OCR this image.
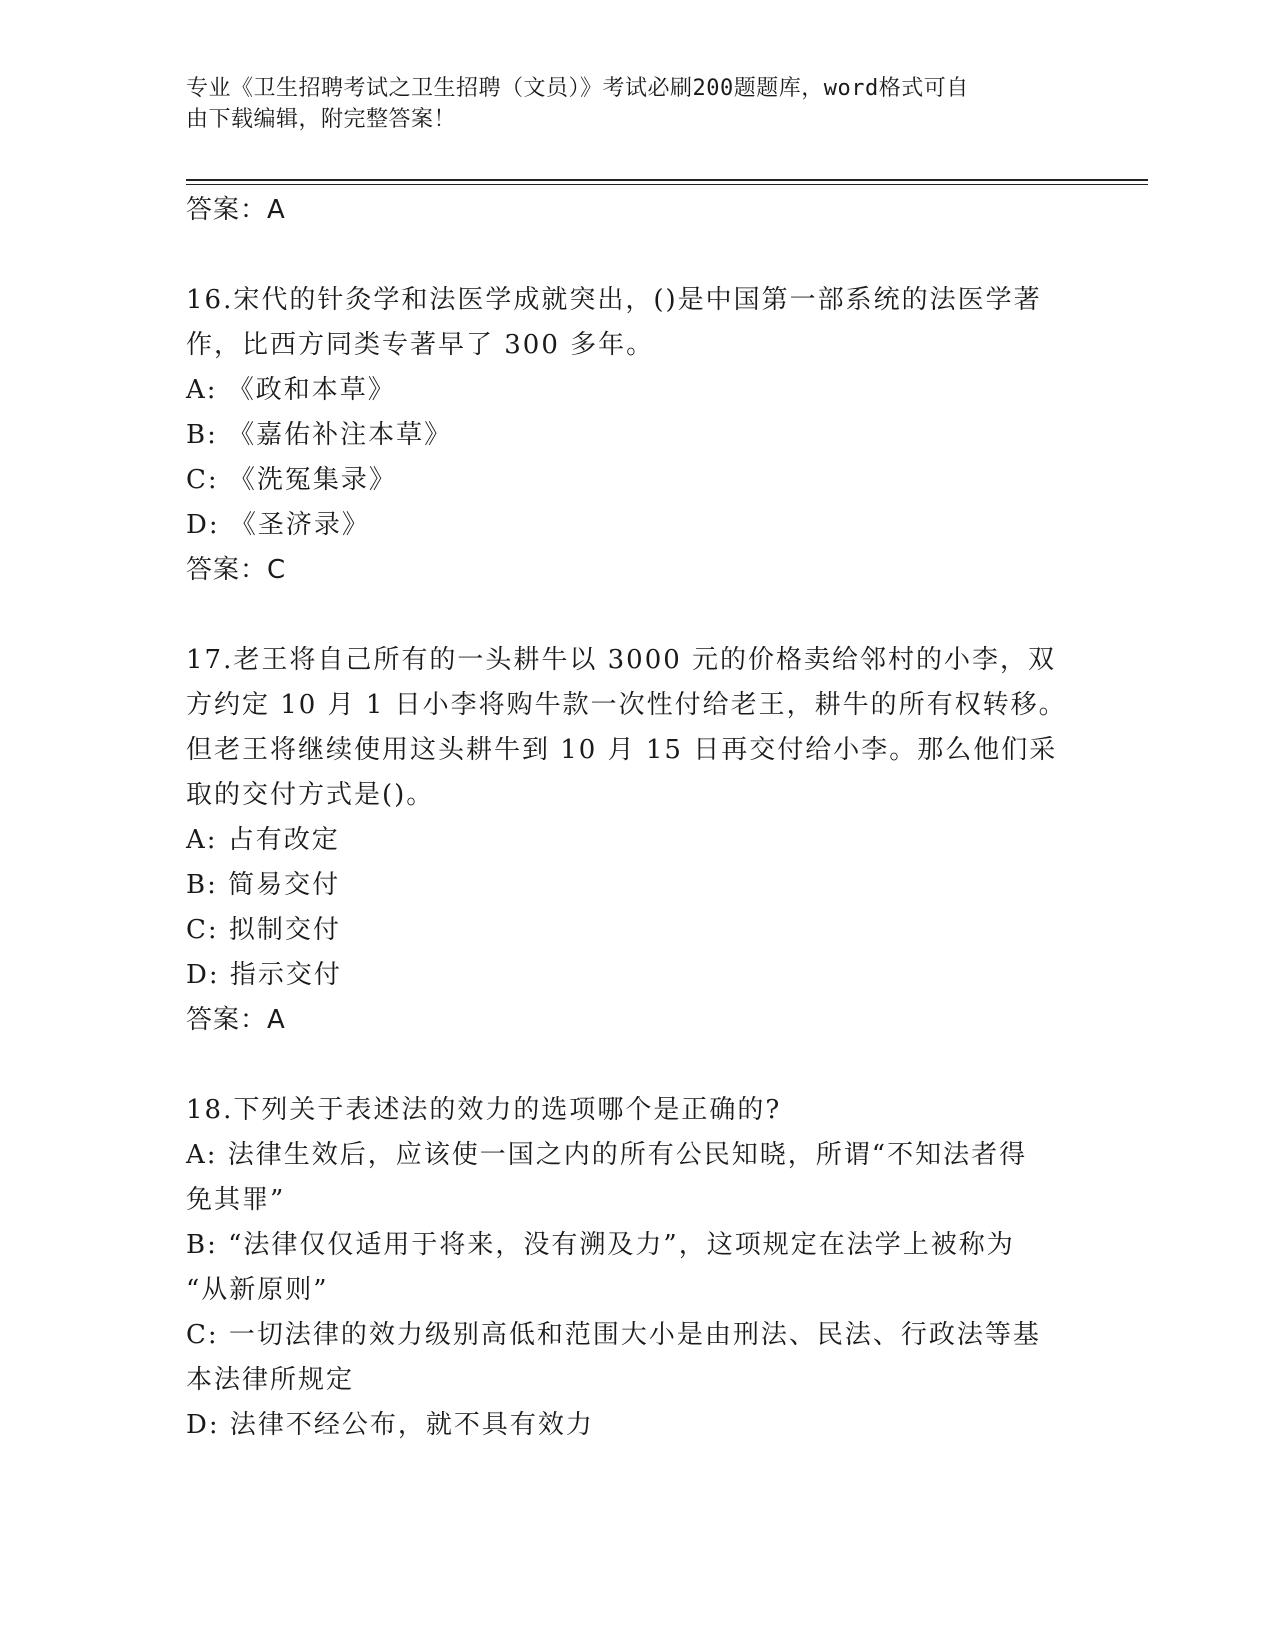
专业《卫生招聘考试之卫生招聘（文员）》考试必刷200题题库，word格式可自
由下载编辑，附完整答案！
答案：A
16.宋代的针灸学和法医学成就突出，()是中国第一部系统的法医学著
作，比西方同类专著早了 300 多年。
A: 《政和本草》
B: 《嘉佑补注本草》
C: 《洗冤集录》
D: 《圣济录》
答案：C
17.老王将自己所有的一头耕牛以 3000 元的价格卖给邻村的小李，双
方约定 10 月 1 日小李将购牛款一次性付给老王，耕牛的所有权转移。
但老王将继续使用这头耕牛到 10 月 15 日再交付给小李。那么他们采
取的交付方式是()。
A: 占有改定
B: 简易交付
C: 拟制交付
D: 指示交付
答案：A
18.下列关于表述法的效力的选项哪个是正确的?
A: 法律生效后，应该使一国之内的所有公民知晓，所谓“不知法者得
免其罪”
B: “法律仅仅适用于将来，没有溯及力”，这项规定在法学上被称为
“从新原则”
C: 一切法律的效力级别高低和范围大小是由刑法、民法、行政法等基
本法律所规定
D: 法律不经公布，就不具有效力
